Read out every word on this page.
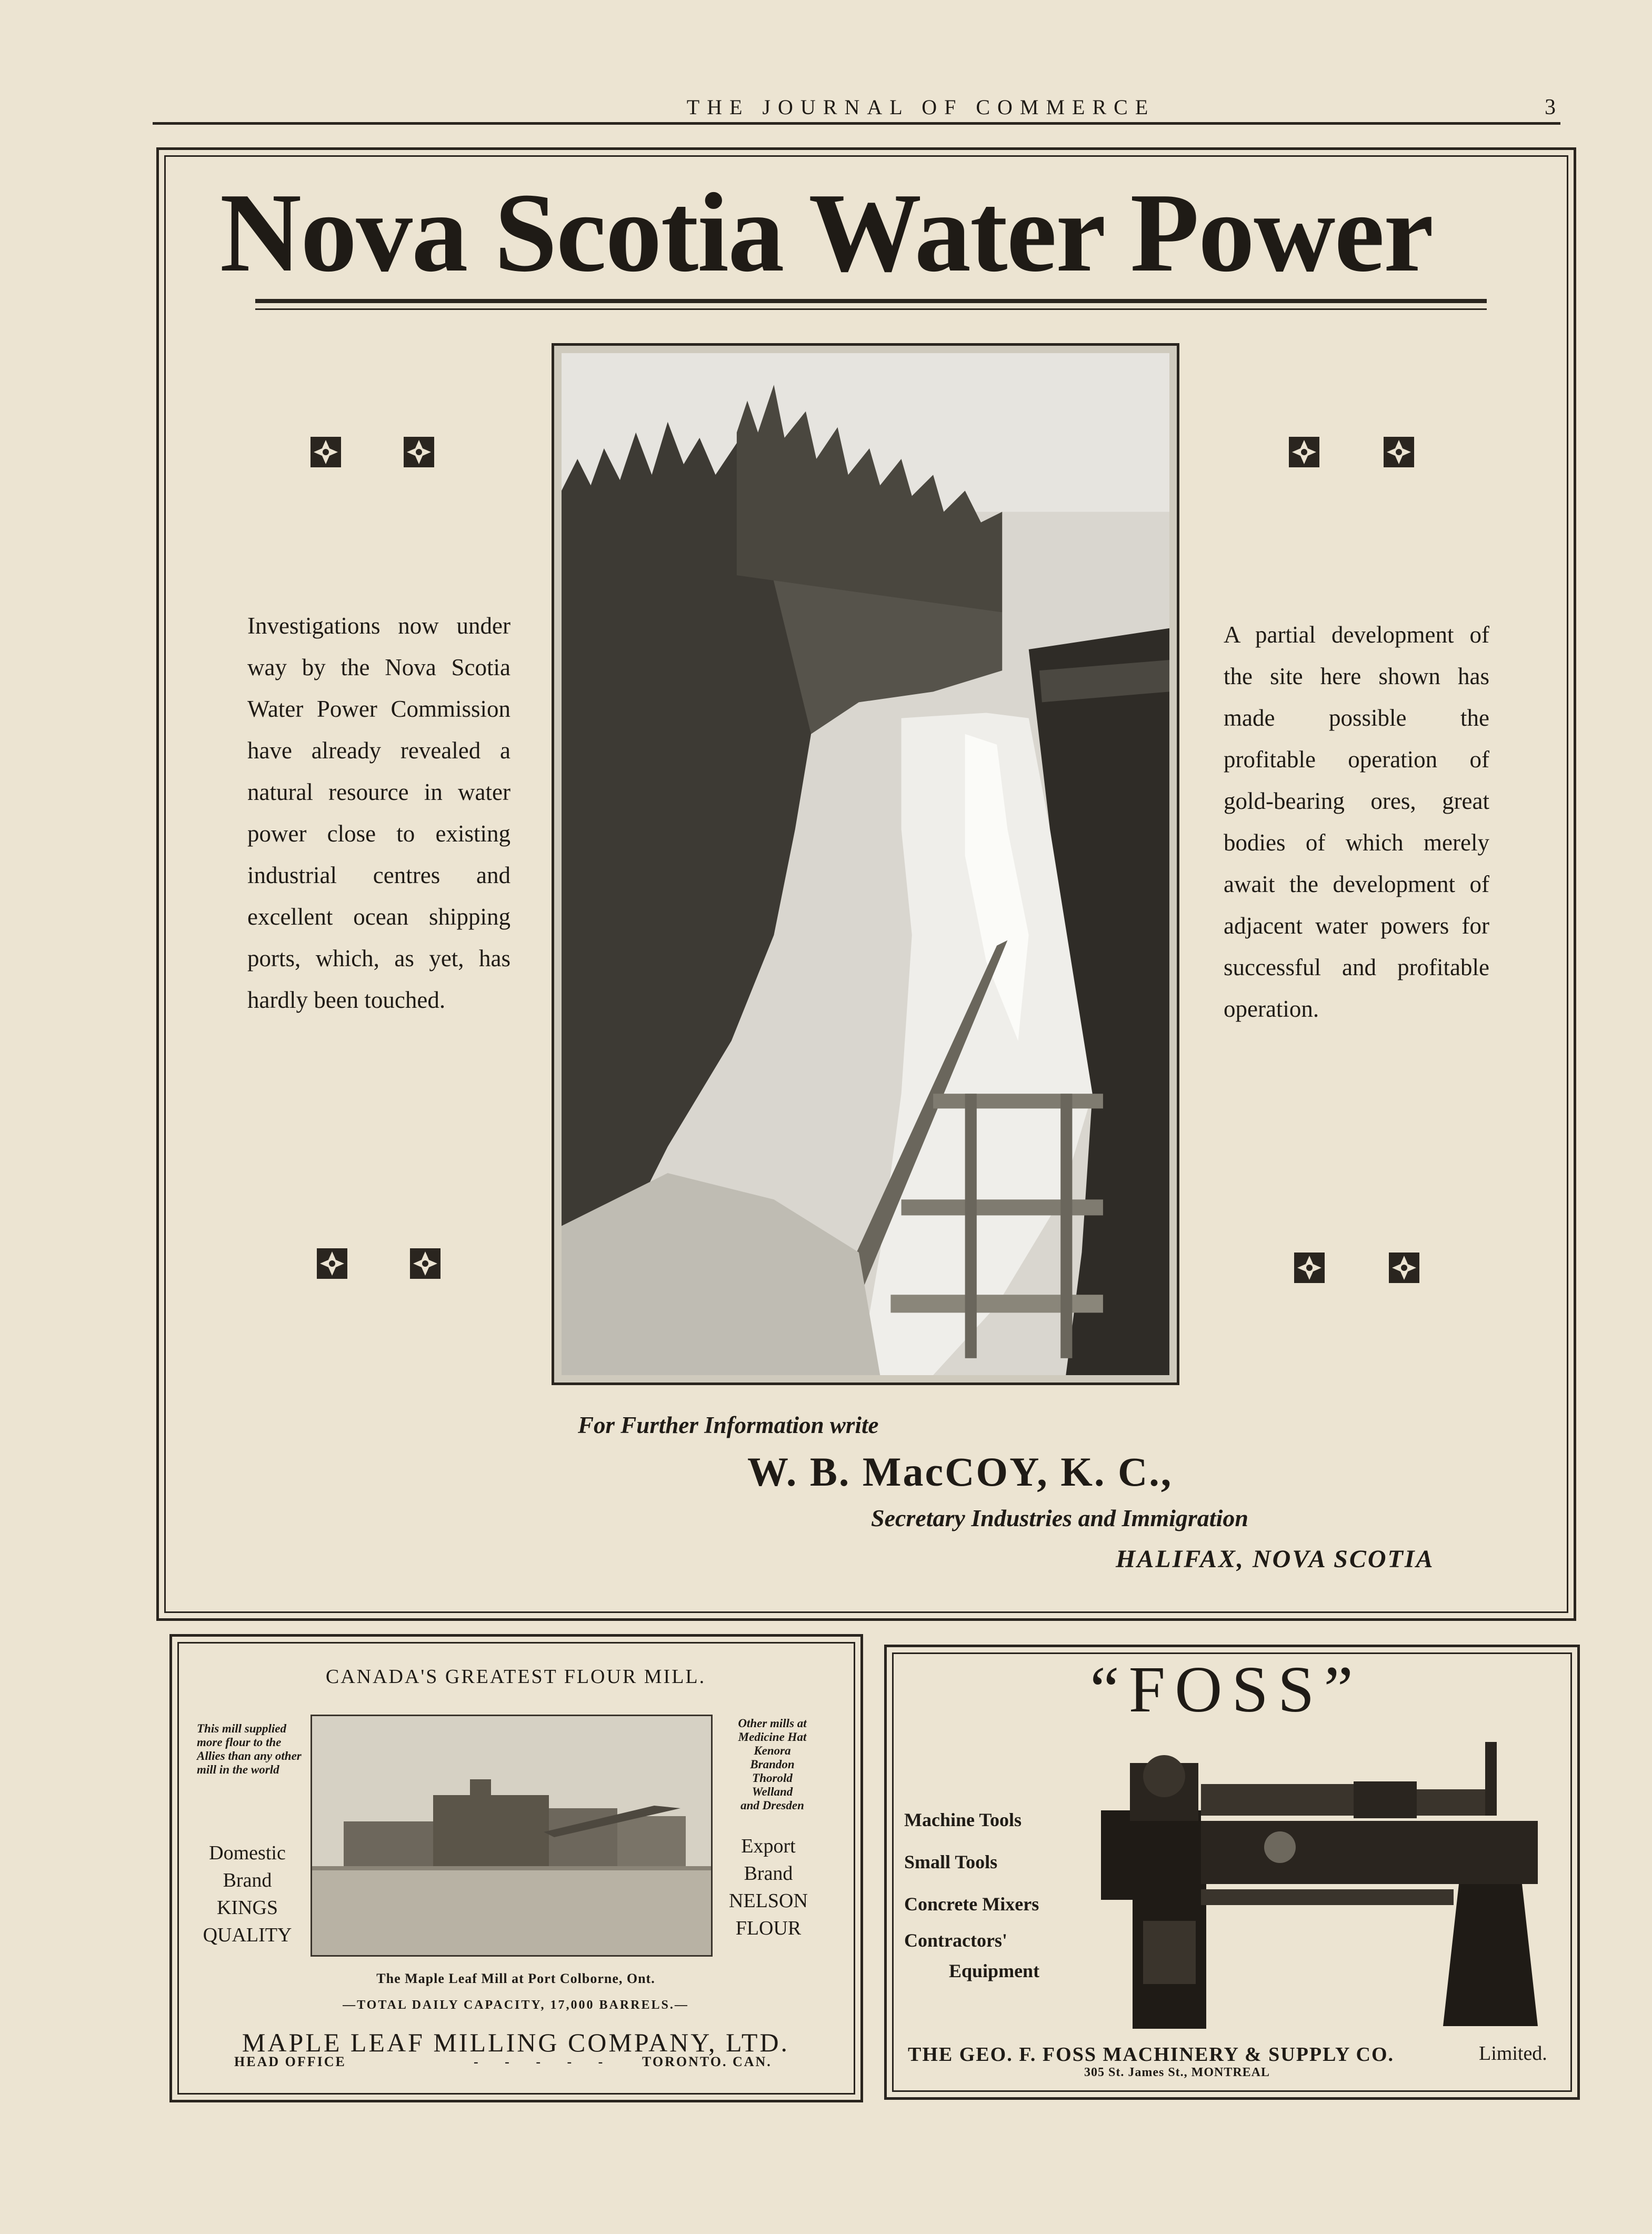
THE JOURNAL OF COMMERCE	3
Nova Scotia Water Power
Investigations now under way by the Nova Scotia Water Power Commission have already revealed a natural resource in water power close to existing industrial centres and excellent ocean shipping ports, which, as yet, has hardly been touched.
A partial development of the site here shown has made possible the profitable operation of gold-bearing ores, great bodies of which merely await the development of adjacent water powers for successful and profitable operation.
For Further Information write
W. B. MacCOY, K. C.,
Secretary Industries and Immigration
HALIFAX, NOVA SCOTIA
CANADA'S GREATEST FLOUR MILL.
This mill supplied more flour to the Allies than any other mill in the world
Other mills at
Medicine Hat
Kenora
Brandon
Thorold
Welland
and Dresden
Domestic
Brand
KINGS
QUALITY
Export
Brand
NELSON
FLOUR
The Maple Leaf Mill at Port Colborne, Ont.
—TOTAL DAILY CAPACITY, 17,000 BARRELS.—
MAPLE LEAF MILLING COMPANY, LTD.
HEAD OFFICE	- - - - - TORONTO. CAN.
“FOSS”
Machine Tools
Small Tools
Concrete Mixers
Contractors'
Equipment
THE GEO. F. FOSS MACHINERY & SUPPLY CO.	Limited.
305 St. James St., MONTREAL
